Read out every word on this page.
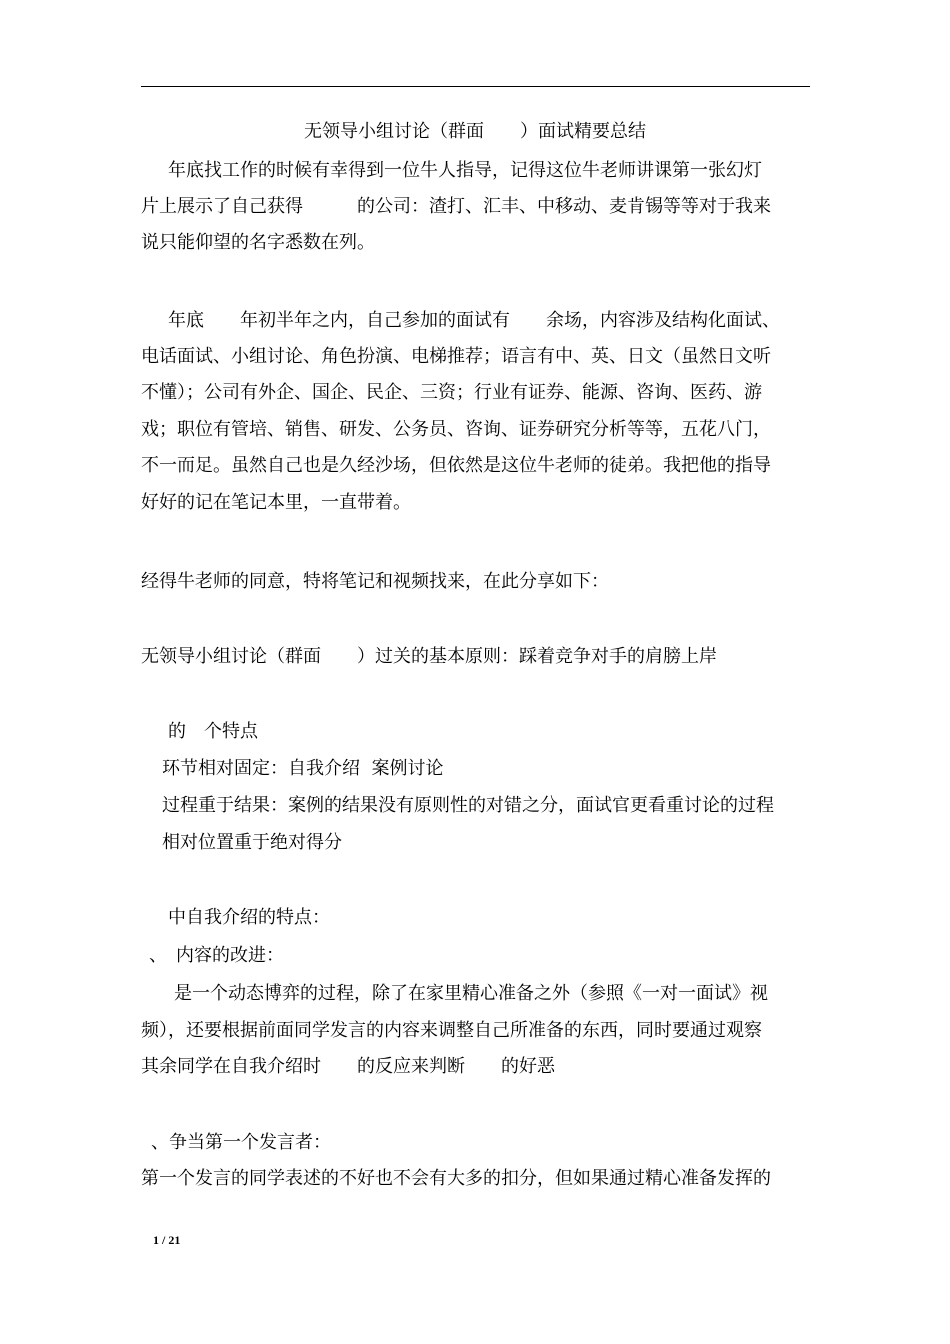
无领导小组讨论（群面　　）面试精要总结
年底找工作的时候有幸得到一位牛人指导，记得这位牛老师讲课第一张幻灯
片上展示了自己获得　　　的公司：渣打、汇丰、中移动、麦肯锡等等对于我来
说只能仰望的名字悉数在列。
年底　　年初半年之内，自己参加的面试有　　余场，内容涉及结构化面试、
电话面试、小组讨论、角色扮演、电梯推荐；语言有中、英、日文（虽然日文听
不懂）；公司有外企、国企、民企、三资；行业有证券、能源、咨询、医药、游
戏；职位有管培、销售、研发、公务员、咨询、证券研究分析等等，五花八门，
不一而足。虽然自己也是久经沙场，但依然是这位牛老师的徒弟。我把他的指导
好好的记在笔记本里，一直带着。
经得牛老师的同意，特将笔记和视频找来，在此分享如下：
无领导小组讨论（群面　　）过关的基本原则：踩着竞争对手的肩膀上岸
的　个特点
环节相对固定：自我介绍  案例讨论
过程重于结果：案例的结果没有原则性的对错之分，面试官更看重讨论的过程
相对位置重于绝对得分
中自我介绍的特点：
、　内容的改进：
是一个动态博弈的过程，除了在家里精心准备之外（参照《一对一面试》视
频），还要根据前面同学发言的内容来调整自己所准备的东西，同时要通过观察
其余同学在自我介绍时　　的反应来判断　　的好恶
、争当第一个发言者：
第一个发言的同学表述的不好也不会有大多的扣分，但如果通过精心准备发挥的
1 / 21
